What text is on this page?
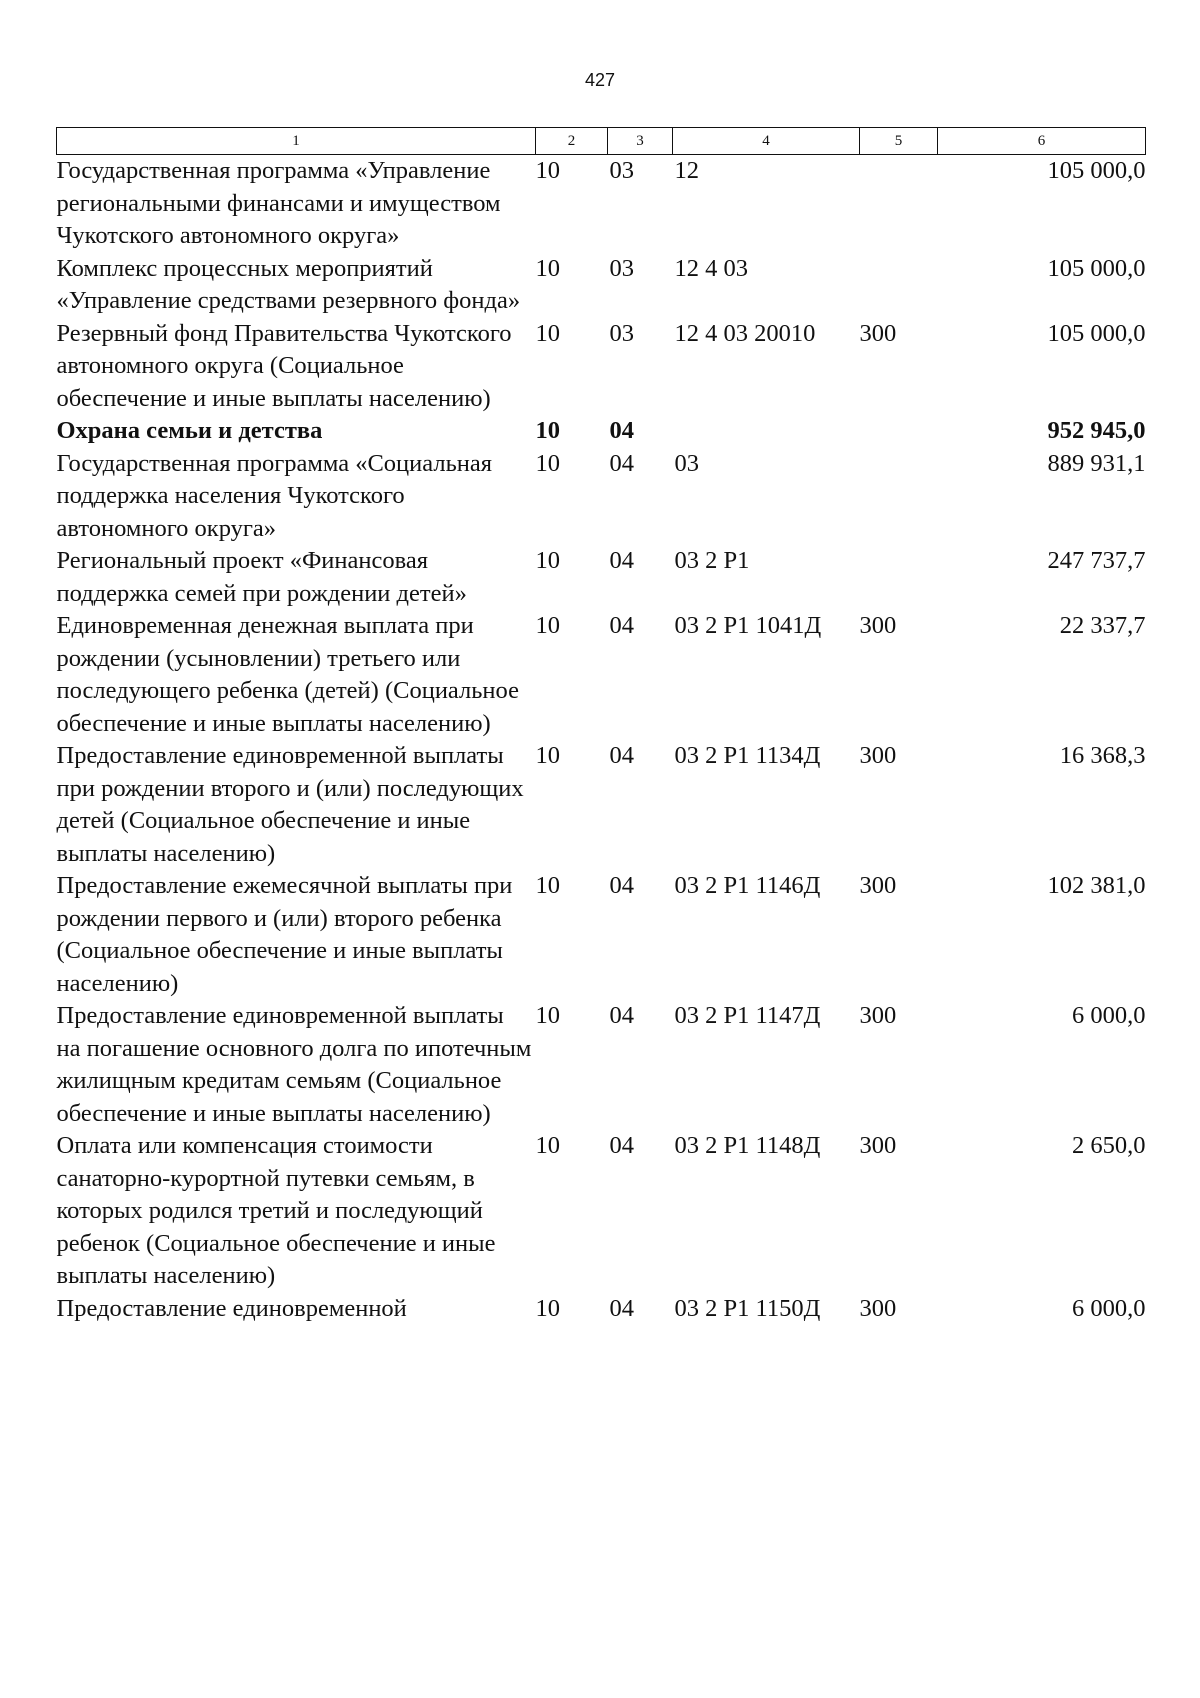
427
1	2	3	4	5	6
Государственная программа «Управление региональными финансами и имуществом Чукотского автономного округа»	10	03	12		105 000,0
Комплекс процессных мероприятий «Управление средствами резервного фонда»	10	03	12 4 03		105 000,0
Резервный фонд Правительства Чукотского автономного округа (Социальное обеспечение и иные выплаты населению)	10	03	12 4 03 20010	300	105 000,0
Охрана семьи и детства	10	04			952 945,0
Государственная программа «Социальная поддержка населения Чукотского автономного округа»	10	04	03		889 931,1
Региональный проект «Финансовая поддержка семей при рождении детей»	10	04	03 2 Р1		247 737,7
Единовременная денежная выплата при рождении (усыновлении) третьего или последующего ребенка (детей) (Социальное обеспечение и иные выплаты населению)	10	04	03 2 Р1 1041Д	300	22 337,7
Предоставление единовременной выплаты при рождении второго и (или) последующих детей (Социальное обеспечение и иные выплаты населению)	10	04	03 2 Р1 1134Д	300	16 368,3
Предоставление ежемесячной выплаты при рождении первого и (или) второго ребенка (Социальное обеспечение и иные выплаты населению)	10	04	03 2 Р1 1146Д	300	102 381,0
Предоставление единовременной выплаты на погашение основного долга по ипотечным жилищным кредитам семьям (Социальное обеспечение и иные выплаты населению)	10	04	03 2 Р1 1147Д	300	6 000,0
Оплата или компенсация стоимости санаторно-курортной путевки семьям, в которых родился третий и последующий ребенок (Социальное обеспечение и иные выплаты населению)	10	04	03 2 Р1 1148Д	300	2 650,0
Предоставление единовременной	10	04	03 2 Р1 1150Д	300	6 000,0
